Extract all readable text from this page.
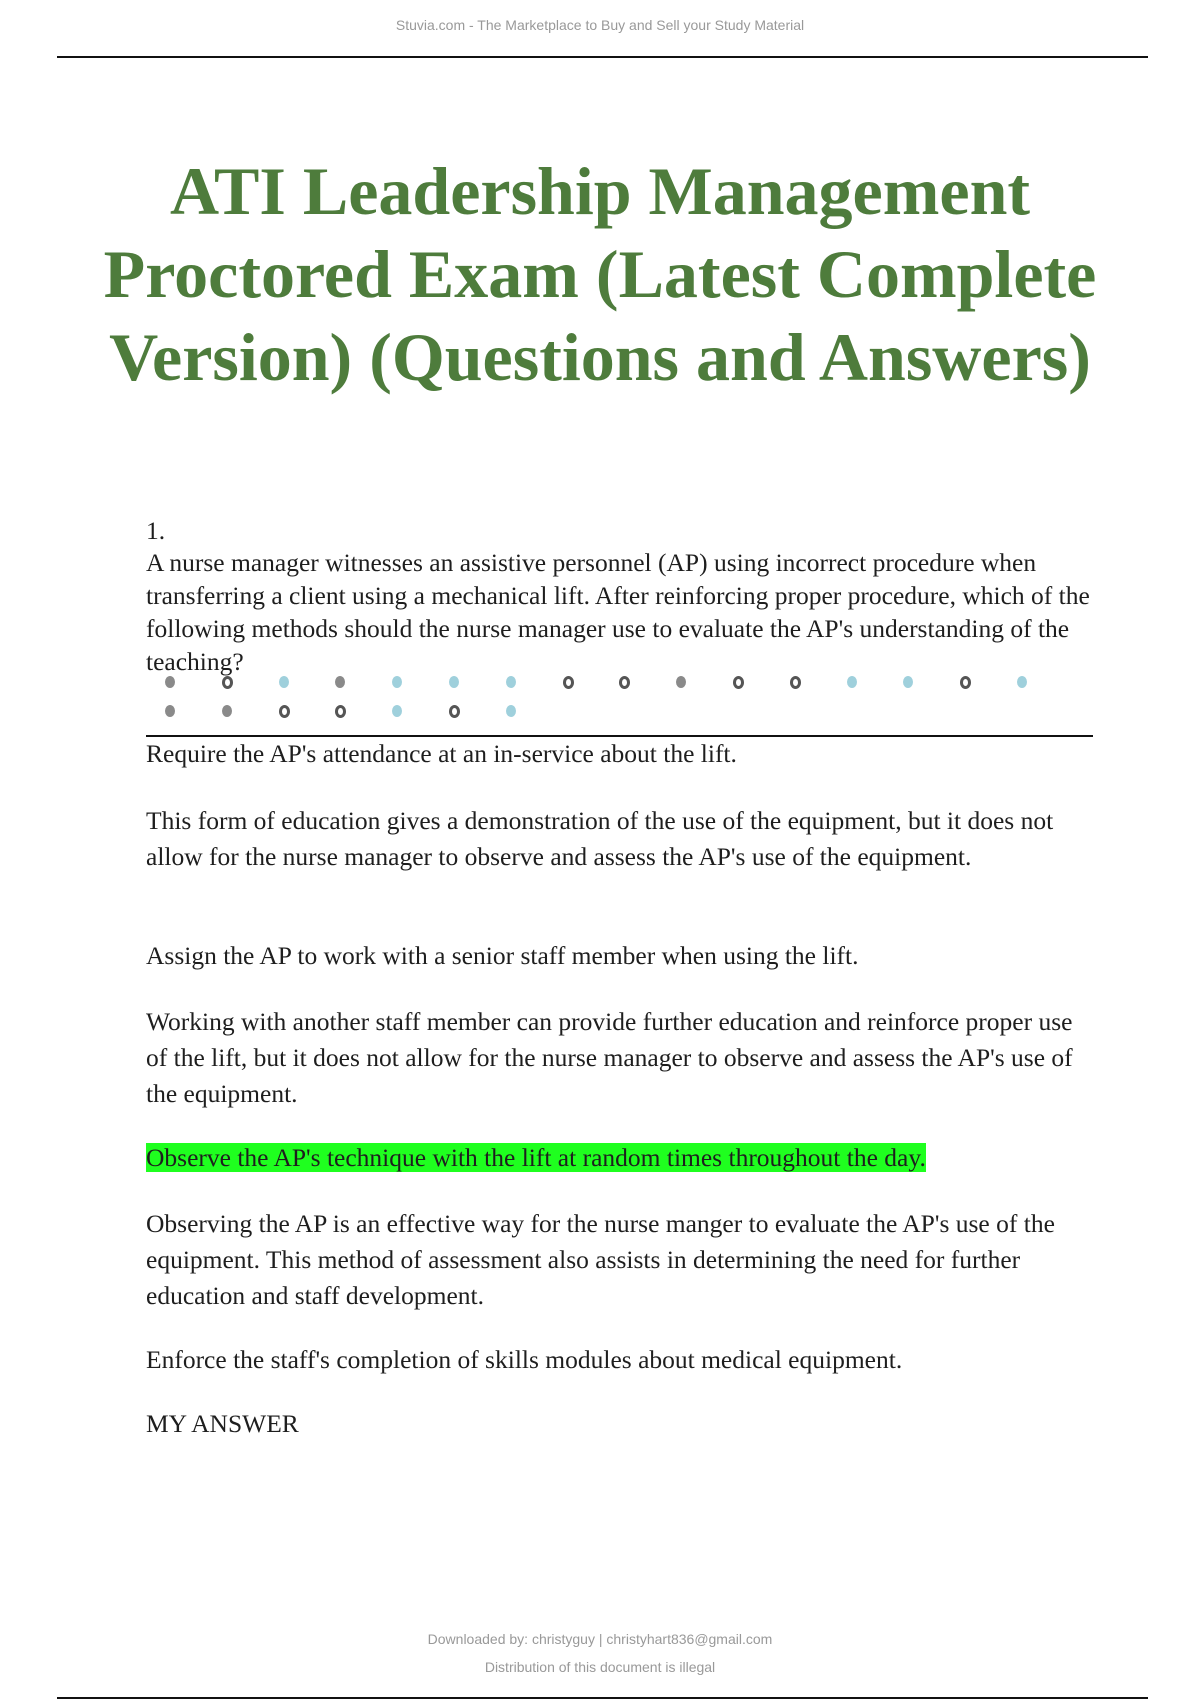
Stuvia.com - The Marketplace to Buy and Sell your Study Material
ATI Leadership Management Proctored Exam (Latest Complete Version) (Questions and Answers)
1.
A nurse manager witnesses an assistive personnel (AP) using incorrect procedure when transferring a client using a mechanical lift. After reinforcing proper procedure, which of the following methods should the nurse manager use to evaluate the AP's understanding of the teaching?
Require the AP's attendance at an in-service about the lift.
This form of education gives a demonstration of the use of the equipment, but it does not allow for the nurse manager to observe and assess the AP's use of the equipment.
Assign the AP to work with a senior staff member when using the lift.
Working with another staff member can provide further education and reinforce proper use of the lift, but it does not allow for the nurse manager to observe and assess the AP's use of the equipment.
Observe the AP's technique with the lift at random times throughout the day.
Observing the AP is an effective way for the nurse manger to evaluate the AP's use of the equipment. This method of assessment also assists in determining the need for further education and staff development.
Enforce the staff's completion of skills modules about medical equipment.
MY ANSWER
Downloaded by: christyguy | christyhart836@gmail.com
Distribution of this document is illegal
